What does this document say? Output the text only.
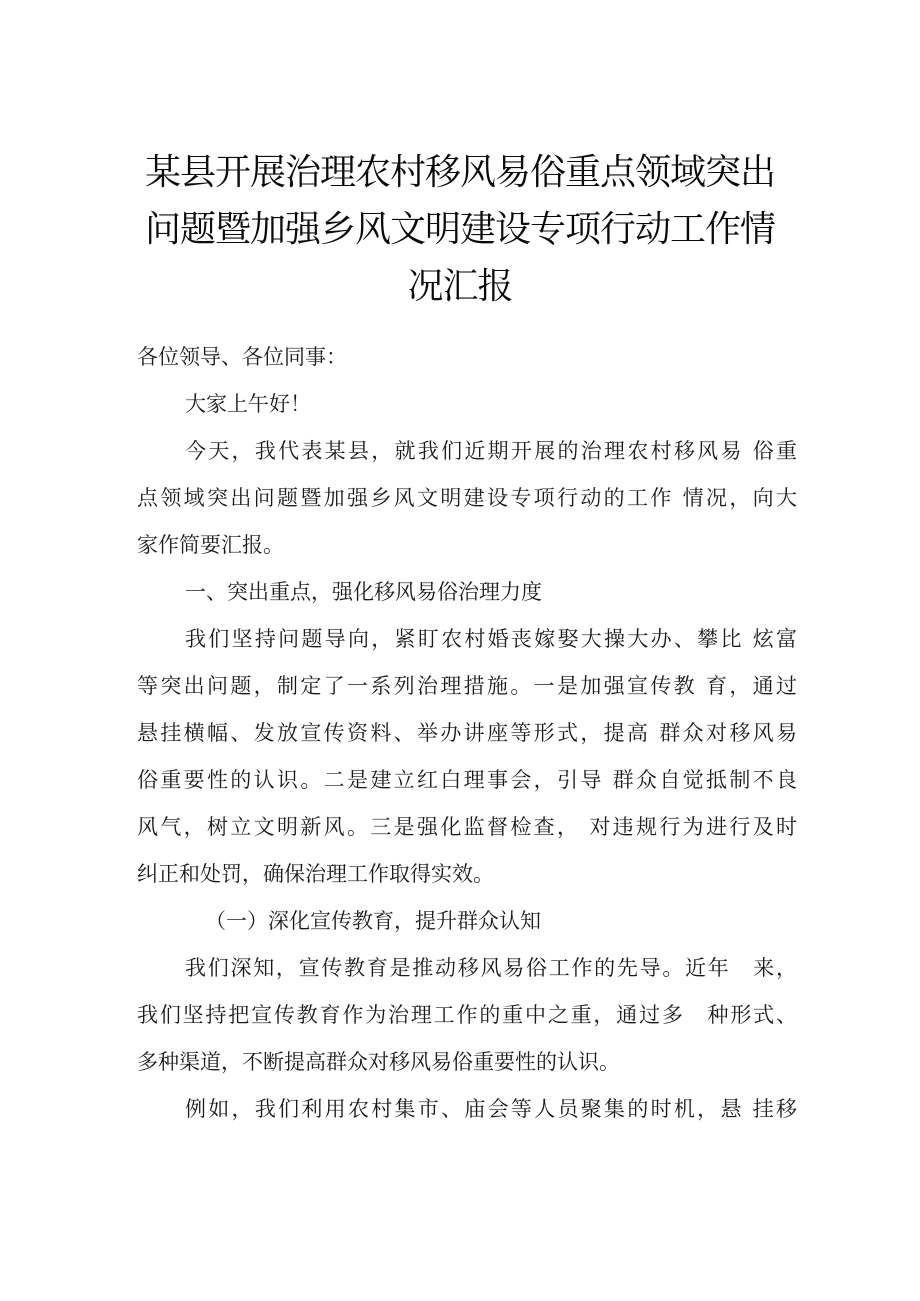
某县开展治理农村移风易俗重点领域突出
问题暨加强乡风文明建设专项行动工作情
况汇报

各位领导、各位同事：

大家上午好！

今天，我代表某县，就我们近期开展的治理农村移风易 俗重
点领域突出问题暨加强乡风文明建设专项行动的工作 情况，向大
家作简要汇报。

一、突出重点，强化移风易俗治理力度

我们坚持问题导向，紧盯农村婚丧嫁娶大操大办、攀比 炫富
等突出问题，制定了一系列治理措施。一是加强宣传教 育，通过
悬挂横幅、发放宣传资料、举办讲座等形式，提高 群众对移风易
俗重要性的认识。二是建立红白理事会，引导 群众自觉抵制不良
风气，树立文明新风。三是强化监督检查， 对违规行为进行及时
纠正和处罚，确保治理工作取得实效。

（一）深化宣传教育，提升群众认知

我们深知，宣传教育是推动移风易俗工作的先导。近年　来，
我们坚持把宣传教育作为治理工作的重中之重，通过多　种形式、
多种渠道，不断提高群众对移风易俗重要性的认识。

例如，我们利用农村集市、庙会等人员聚集的时机，悬 挂移
